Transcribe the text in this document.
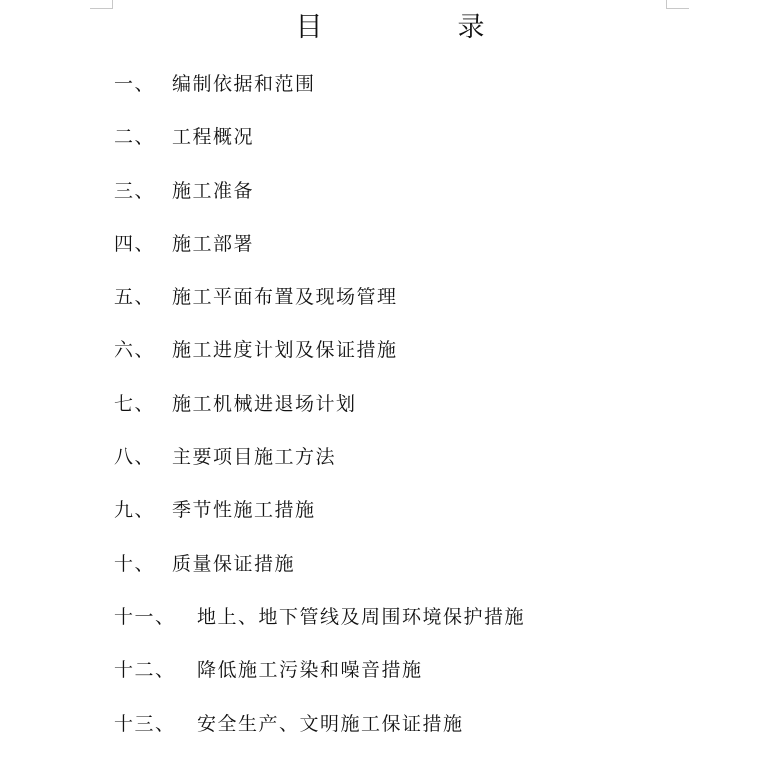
目　录
一、 编制依据和范围
二、 工程概况
三、 施工准备
四、 施工部署
五、 施工平面布置及现场管理
六、 施工进度计划及保证措施
七、 施工机械进退场计划
八、 主要项目施工方法
九、 季节性施工措施
十、 质量保证措施
十一、 地上、地下管线及周围环境保护措施
十二、 降低施工污染和噪音措施
十三、 安全生产、文明施工保证措施
